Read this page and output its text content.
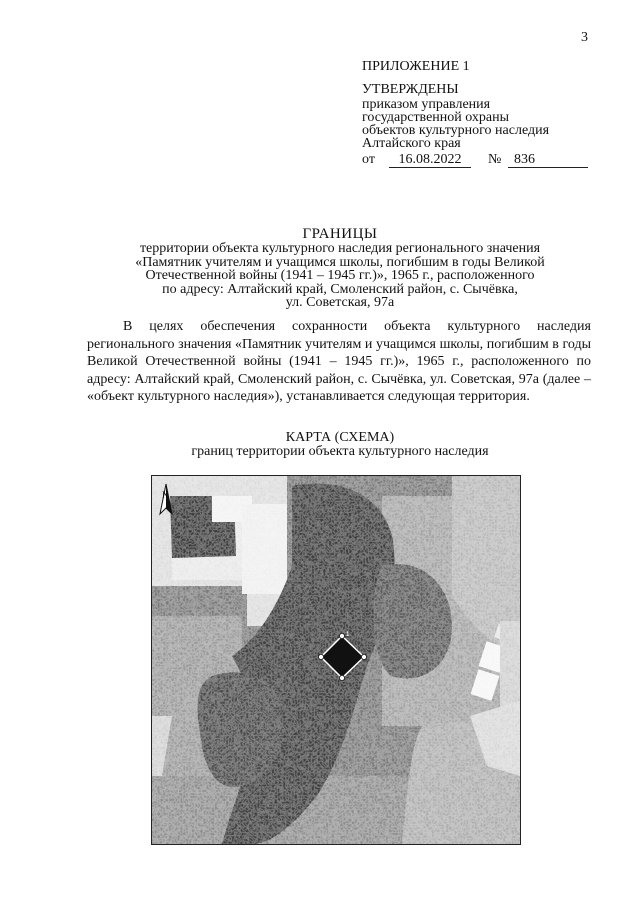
3
ПРИЛОЖЕНИЕ 1
УТВЕРЖДЕНЫ
приказом управления
государственной охраны
объектов культурного наследия
Алтайского края
от	16.08.2022	№ 836
ГРАНИЦЫ
территории объекта культурного наследия регионального значения
«Памятник учителям и учащимся школы, погибшим в годы Великой
Отечественной войны (1941 – 1945 гг.)», 1965 г., расположенного
по адресу: Алтайский край, Смоленский район, с. Сычёвка,
ул. Советская, 97а
В целях обеспечения сохранности объекта культурного наследия регионального значения «Памятник учителям и учащимся школы, погибшим в годы Великой Отечественной войны (1941 – 1945 гг.)», 1965 г., расположенного по адресу: Алтайский край, Смоленский район, с. Сычёвка, ул. Советская, 97а (далее – «объект культурного наследия»), устанавливается следующая территория.
КАРТА (СХЕМА)
границ территории объекта культурного наследия
N
1
